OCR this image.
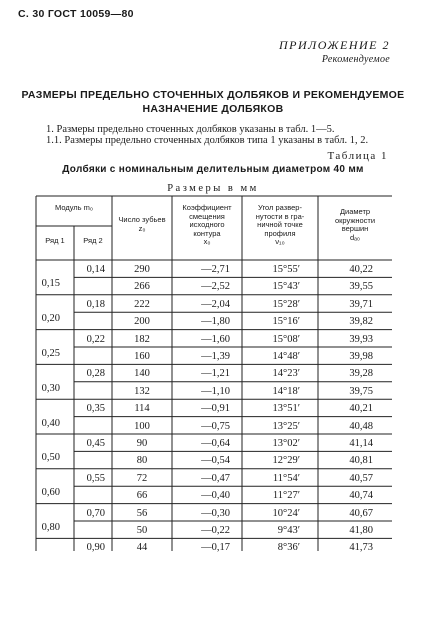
С. 30 ГОСТ 10059—80
ПРИЛОЖЕНИЕ 2
Рекомендуемое
РАЗМЕРЫ ПРЕДЕЛЬНО СТОЧЕННЫХ ДОЛБЯКОВ И РЕКОМЕНДУЕМОЕ
НАЗНАЧЕНИЕ ДОЛБЯКОВ
1. Размеры предельно сточенных долбяков указаны в табл. 1—5.
1.1. Размеры предельно сточенных долбяков типа 1 указаны в табл. 1, 2.
Таблица 1
Долбяки с номинальным делительным диаметром 40 мм
Размеры в мм
Модуль m₀
Ряд 1	Ряд 2
Число зубьев
z₀
Коэффициент
смещения
исходного
контура
x₀
Угол развер-
нутости в гра-
ничной точке
профиля
ν₁₀
Диаметр
окружности
вершин
dₐ₀
0,14	290	—2,71	15°55′	40,22
0,15	266	—2,52	15°43′	39,55
0,18	222	—2,04	15°28′	39,71
0,20	200	—1,80	15°16′	39,82
0,22	182	—1,60	15°08′	39,93
0,25	160	—1,39	14°48′	39,98
0,28	140	—1,21	14°23′	39,28
0,30	132	—1,10	14°18′	39,75
0,35	114	—0,91	13°51′	40,21
0,40	100	—0,75	13°25′	40,48
0,45	90	—0,64	13°02′	41,14
0,50	80	—0,54	12°29′	40,81
0,55	72	—0,47	11°54′	40,57
0,60	66	—0,40	11°27′	40,74
0,70	56	—0,30	10°24′	40,67
0,80	50	—0,22	9°43′	41,80
0,90	44	—0,17	8°36′	41,73
